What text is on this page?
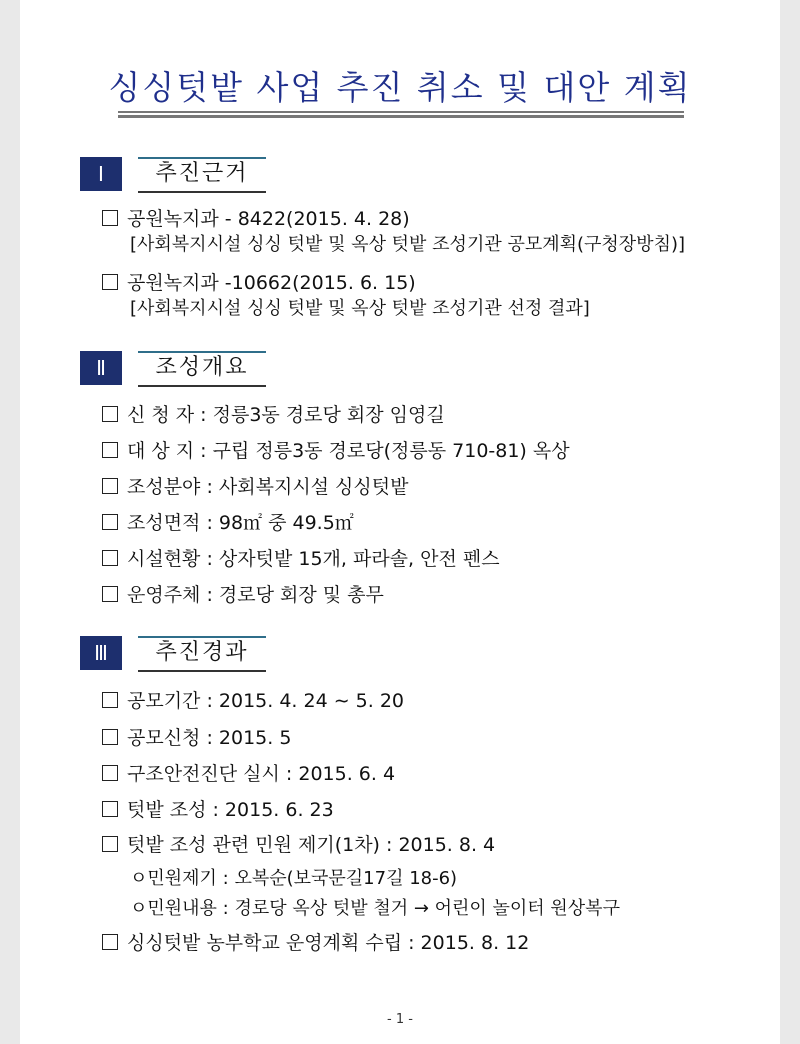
싱싱텃밭 사업 추진 취소 및 대안 계획
Ⅰ	추진근거
공원녹지과 - 8422(2015. 4. 28)
[사회복지시설 싱싱 텃밭 및 옥상 텃밭 조성기관 공모계획(구청장방침)]
공원녹지과 -10662(2015. 6. 15)
[사회복지시설 싱싱 텃밭 및 옥상 텃밭 조성기관 선정 결과]
Ⅱ	조성개요
신 청 자 : 정릉3동 경로당 회장 임영길
대 상 지 : 구립 정릉3동 경로당(정릉동 710-81) 옥상
조성분야 : 사회복지시설 싱싱텃밭
조성면적 : 98㎡ 중 49.5㎡
시설현황 : 상자텃밭 15개, 파라솔, 안전 펜스
운영주체 : 경로당 회장 및 총무
Ⅲ	추진경과
공모기간 : 2015. 4. 24 ∼ 5. 20
공모신청 : 2015. 5
구조안전진단 실시 : 2015. 6. 4
텃밭 조성 : 2015. 6. 23
텃밭 조성 관련 민원 제기(1차) : 2015. 8. 4
ㅇ민원제기 : 오복순(보국문길17길 18-6)
ㅇ민원내용 : 경로당 옥상 텃밭 철거 → 어린이 놀이터 원상복구
싱싱텃밭 농부학교 운영계획 수립 : 2015. 8. 12
- 1 -
